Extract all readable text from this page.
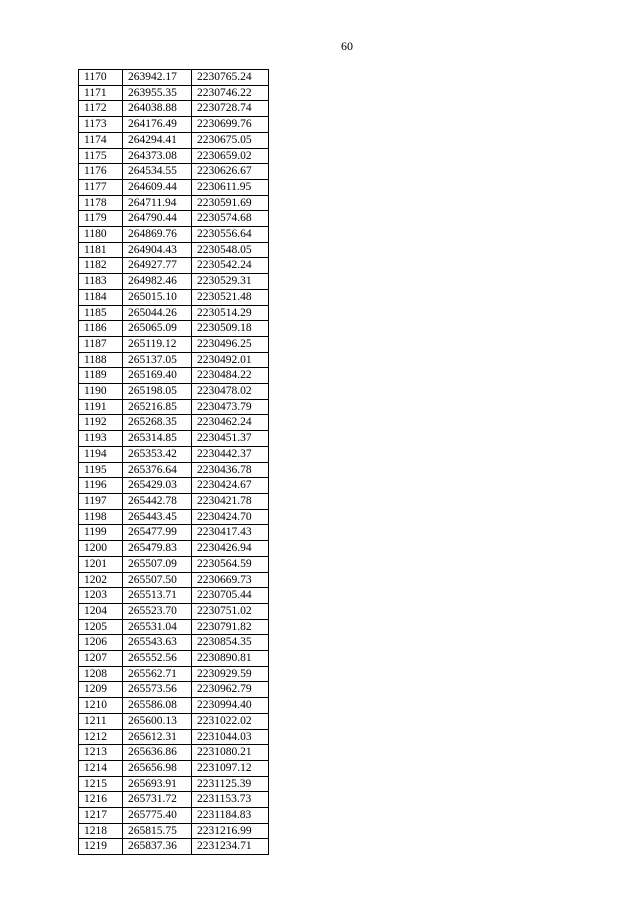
60
1170	263942.17	2230765.24
1171	263955.35	2230746.22
1172	264038.88	2230728.74
1173	264176.49	2230699.76
1174	264294.41	2230675.05
1175	264373.08	2230659.02
1176	264534.55	2230626.67
1177	264609.44	2230611.95
1178	264711.94	2230591.69
1179	264790.44	2230574.68
1180	264869.76	2230556.64
1181	264904.43	2230548.05
1182	264927.77	2230542.24
1183	264982.46	2230529.31
1184	265015.10	2230521.48
1185	265044.26	2230514.29
1186	265065.09	2230509.18
1187	265119.12	2230496.25
1188	265137.05	2230492.01
1189	265169.40	2230484.22
1190	265198.05	2230478.02
1191	265216.85	2230473.79
1192	265268.35	2230462.24
1193	265314.85	2230451.37
1194	265353.42	2230442.37
1195	265376.64	2230436.78
1196	265429.03	2230424.67
1197	265442.78	2230421.78
1198	265443.45	2230424.70
1199	265477.99	2230417.43
1200	265479.83	2230426.94
1201	265507.09	2230564.59
1202	265507.50	2230669.73
1203	265513.71	2230705.44
1204	265523.70	2230751.02
1205	265531.04	2230791.82
1206	265543.63	2230854.35
1207	265552.56	2230890.81
1208	265562.71	2230929.59
1209	265573.56	2230962.79
1210	265586.08	2230994.40
1211	265600.13	2231022.02
1212	265612.31	2231044.03
1213	265636.86	2231080.21
1214	265656.98	2231097.12
1215	265693.91	2231125.39
1216	265731.72	2231153.73
1217	265775.40	2231184.83
1218	265815.75	2231216.99
1219	265837.36	2231234.71
